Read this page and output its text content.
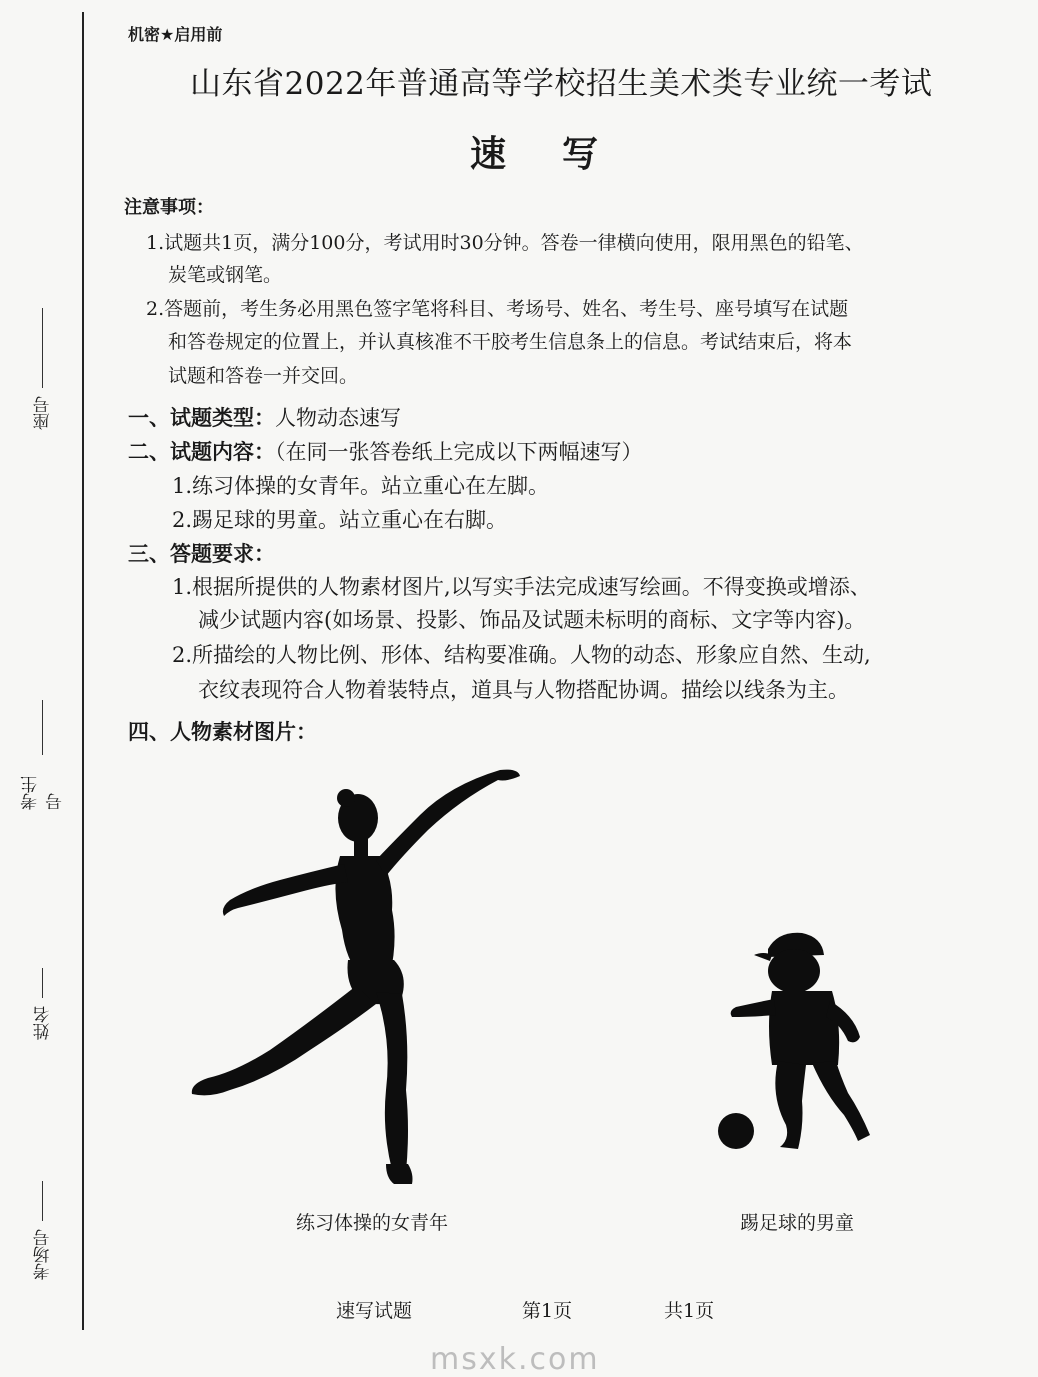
座号
考生号
姓名
考场号
机密★启用前
山东省2022年普通高等学校招生美术类专业统一考试
速写
注意事项：
1.试题共1页，满分100分，考试用时30分钟。答卷一律横向使用，限用黑色的铅笔、
炭笔或钢笔。
2.答题前，考生务必用黑色签字笔将科目、考场号、姓名、考生号、座号填写在试题
和答卷规定的位置上，并认真核准不干胶考生信息条上的信息。考试结束后，将本
试题和答卷一并交回。
一、试题类型：人物动态速写
二、试题内容：（在同一张答卷纸上完成以下两幅速写）
1.练习体操的女青年。站立重心在左脚。
2.踢足球的男童。站立重心在右脚。
三、答题要求：
1.根据所提供的人物素材图片,以写实手法完成速写绘画。不得变换或增添、
减少试题内容(如场景、投影、饰品及试题未标明的商标、文字等内容)。
2.所描绘的人物比例、形体、结构要准确。人物的动态、形象应自然、生动,
衣纹表现符合人物着装特点，道具与人物搭配协调。描绘以线条为主。
四、人物素材图片：
练习体操的女青年	踢足球的男童
速写试题	第1页	共1页
msxk.com
